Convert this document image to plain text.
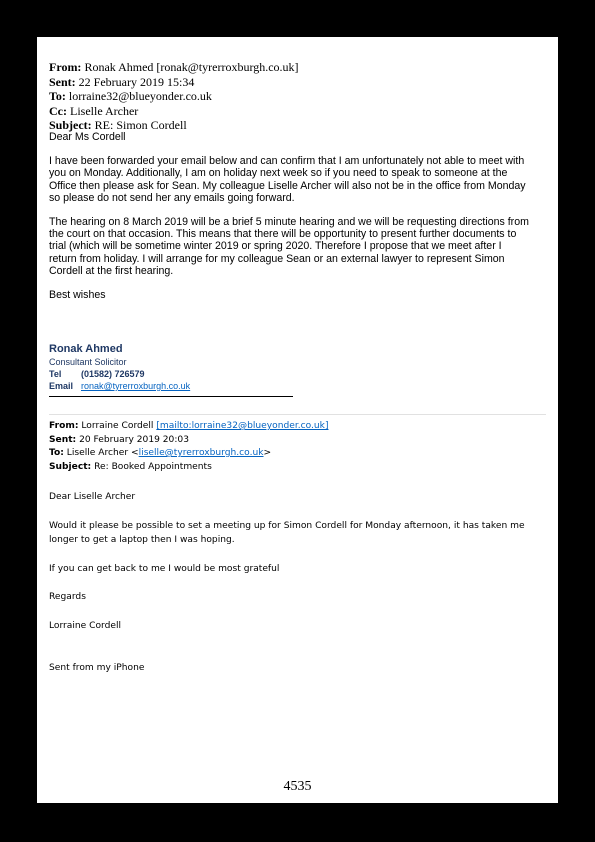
From: Ronak Ahmed [ronak@tyrerroxburgh.co.uk]
Sent: 22 February 2019 15:34
To: lorraine32@blueyonder.co.uk
Cc: Liselle Archer
Subject: RE: Simon Cordell

Dear Ms Cordell

I have been forwarded your email below and can confirm that I am unfortunately not able to meet with

you on Monday. Additionally, I am on holiday next week so if you need to speak to someone at the

Office then please ask for Sean. My colleague Liselle Archer will also not be in the office from Monday

so please do not send her any emails going forward.

The hearing on 8 March 2019 will be a brief 5 minute hearing and we will be requesting directions from

the court on that occasion. This means that there will be opportunity to present further documents to

trial (which will be sometime winter 2019 or spring 2020. Therefore I propose that we meet after I

return from holiday. I will arrange for my colleague Sean or an external lawyer to represent Simon

Cordell at the first hearing.

Best wishes

Ronak Ahmed
Consultant Solicitor
Tel (01582) 726579
Email ronak@tyrerroxburgh.co.uk
From: Lorraine Cordell [mailto:lorraine32@blueyonder.co.uk]
Sent: 20 February 2019 20:03
To: Liselle Archer <liselle@tyrerroxburgh.co.uk>
Subject: Re: Booked Appointments

Dear Liselle Archer

Would it please be possible to set a meeting up for Simon Cordell for Monday afternoon, it has taken me

longer to get a laptop then I was hoping.

If you can get back to me I would be most grateful

Regards

Lorraine Cordell

Sent from my iPhone

4535
